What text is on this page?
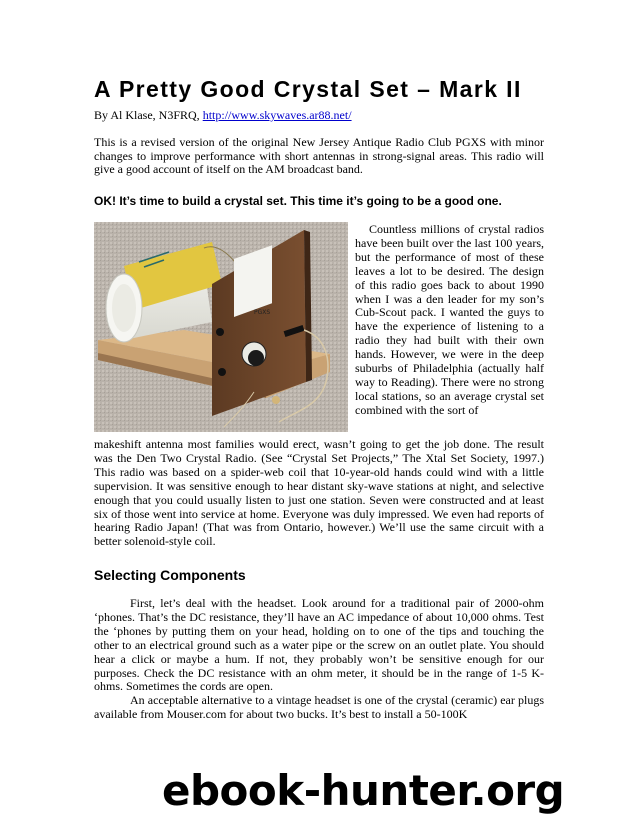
A Pretty Good Crystal Set – Mark II
By Al Klase, N3FRQ, http://www.skywaves.ar88.net/
This is a revised version of the original New Jersey Antique Radio Club PGXS with minor changes to improve performance with short antennas in strong-signal areas. This radio will give a good account of itself on the AM broadcast band.
OK! It’s time to build a crystal set. This time it’s going to be a good one.
PGXS

Countless millions of crystal radios have been built over the last 100 years, but the performance of most of these leaves a lot to be desired. The design of this radio goes back to about 1990 when I was a den leader for my son’s Cub-Scout pack. I wanted the guys to have the experience of listening to a radio they had built with their own hands. However, we were in the deep suburbs of Philadelphia (actually half way to Reading). There were no strong local stations, so an average crystal set combined with the sort of

makeshift antenna most families would erect, wasn’t going to get the job done. The result was the Den Two Crystal Radio. (See “Crystal Set Projects,” The Xtal Set Society, 1997.) This radio was based on a spider-web coil that 10-year-old hands could wind with a little supervision. It was sensitive enough to hear distant sky-wave stations at night, and selective enough that you could usually listen to just one station. Seven were constructed and at least six of those went into service at home. Everyone was duly impressed. We even had reports of hearing Radio Japan! (That was from Ontario, however.) We’ll use the same circuit with a better solenoid-style coil.
Selecting Components

First, let’s deal with the headset. Look around for a traditional pair of 2000-ohm ‘phones. That’s the DC resistance, they’ll have an AC impedance of about 10,000 ohms. Test the ‘phones by putting them on your head, holding on to one of the tips and touching the other to an electrical ground such as a water pipe or the screw on an outlet plate. You should hear a click or maybe a hum. If not, they probably won’t be sensitive enough for our purposes. Check the DC resistance with an ohm meter, it should be in the range of 1-5 K-ohms. Sometimes the cords are open.

An acceptable alternative to a vintage headset is one of the crystal (ceramic) ear plugs available from Mouser.com for about two bucks. It’s best to install a 50-100K

ebook-hunter.org
